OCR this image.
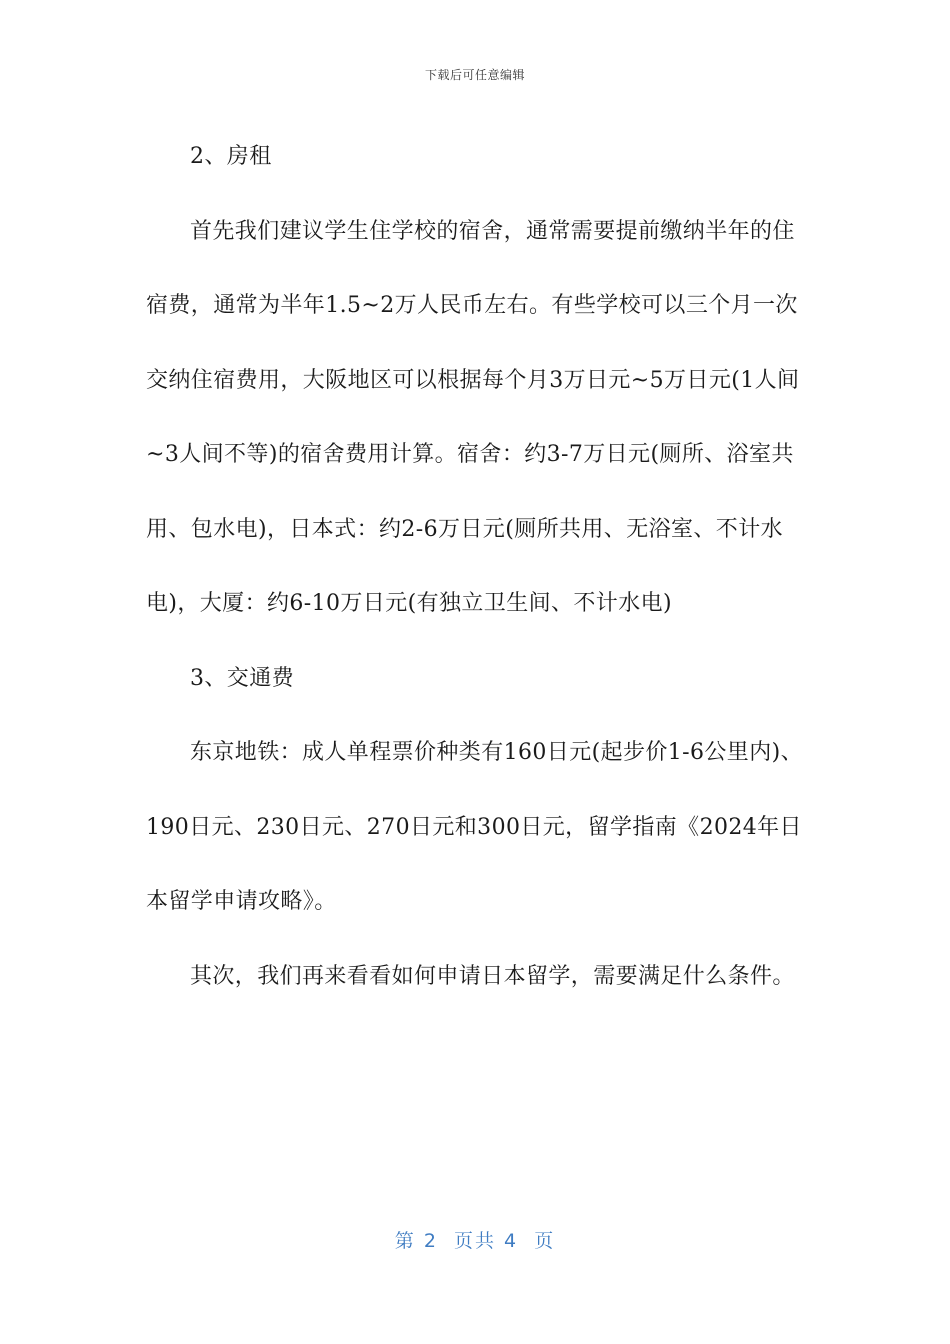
下载后可任意编辑

2、房租

首先我们建议学生住学校的宿舍，通常需要提前缴纳半年的住宿费，通常为半年1.5~2万人民币左右。有些学校可以三个月一次交纳住宿费用，大阪地区可以根据每个月3万日元~5万日元(1人间~3人间不等)的宿舍费用计算。宿舍：约3-7万日元(厕所、浴室共用、包水电)，日本式：约2-6万日元(厕所共用、无浴室、不计水电)，大厦：约6-10万日元(有独立卫生间、不计水电)

3、交通费

东京地铁：成人单程票价种类有160日元(起步价1-6公里内)、190日元、230日元、270日元和300日元，留学指南《2024年日本留学申请攻略》。

其次，我们再来看看如何申请日本留学，需要满足什么条件。

第 2  页共 4  页
